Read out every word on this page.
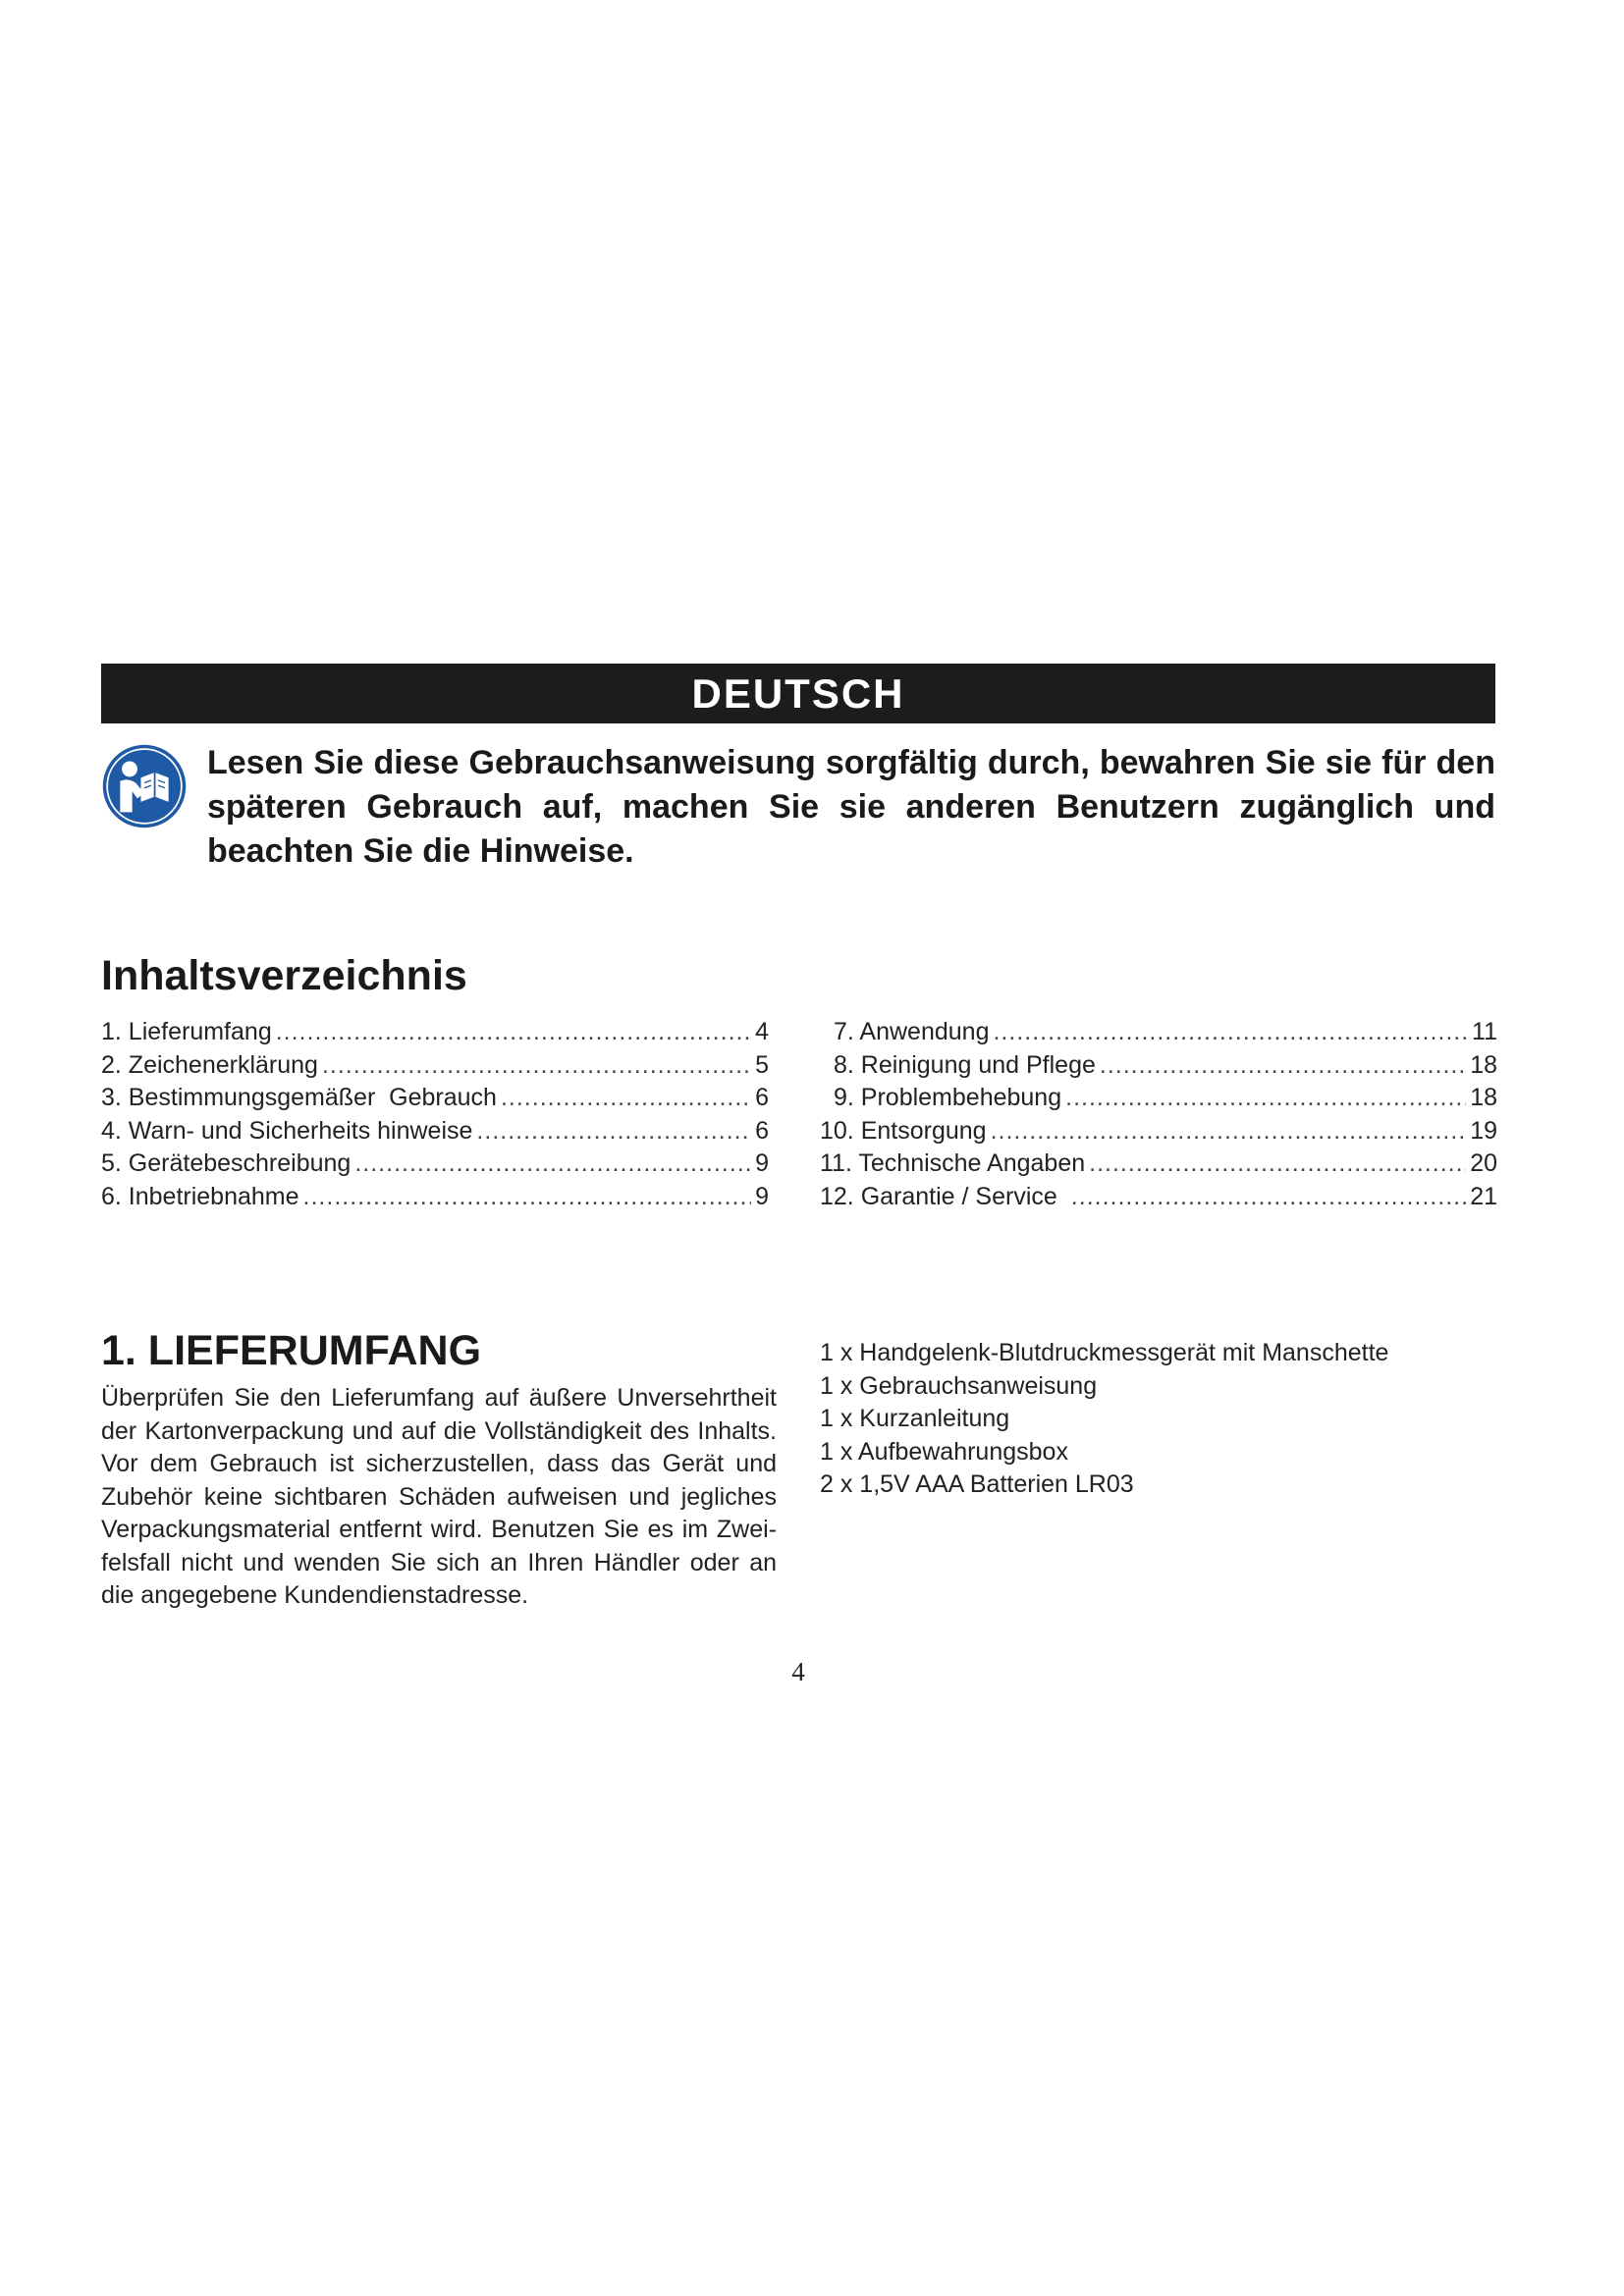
DEUTSCH

Lesen Sie diese Gebrauchsanweisung sorgfältig durch, bewahren Sie sie für den späteren Gebrauch auf, machen Sie sie anderen Benutzern zugänglich und beachten Sie die Hinweise.

Inhaltsverzeichnis
1. Lieferumfang .....	4
2. Zeichenerklärung .....	5
3. Bestimmungsgemäßer  Gebrauch .....	6
4. Warn- und Sicherheits hinweise .....	6
5. Gerätebeschreibung .....	9
6. Inbetriebnahme .....	9
7. Anwendung .....	11
8. Reinigung und Pflege .....	18
9. Problembehebung .....	18
10. Entsorgung .....	19
11. Technische Angaben .....	20
12. Garantie / Service .....	21
1. LIEFERUMFANG

Überprüfen Sie den Lieferumfang auf äußere Unversehrtheit der Kartonverpackung und auf die Vollständigkeit des Inhalts. Vor dem Gebrauch ist sicherzustellen, dass das Gerät und Zubehör keine sichtbaren Schäden aufweisen und jegliches Verpackungsmaterial entfernt wird. Benutzen Sie es im Zweifelsfall nicht und wenden Sie sich an Ihren Händler oder an die angegebene Kundendienstadresse.

1 x Handgelenk-Blutdruckmessgerät mit Manschette
1 x Gebrauchsanweisung
1 x Kurzanleitung
1 x Aufbewahrungsbox
2 x 1,5V AAA Batterien LR03
4
